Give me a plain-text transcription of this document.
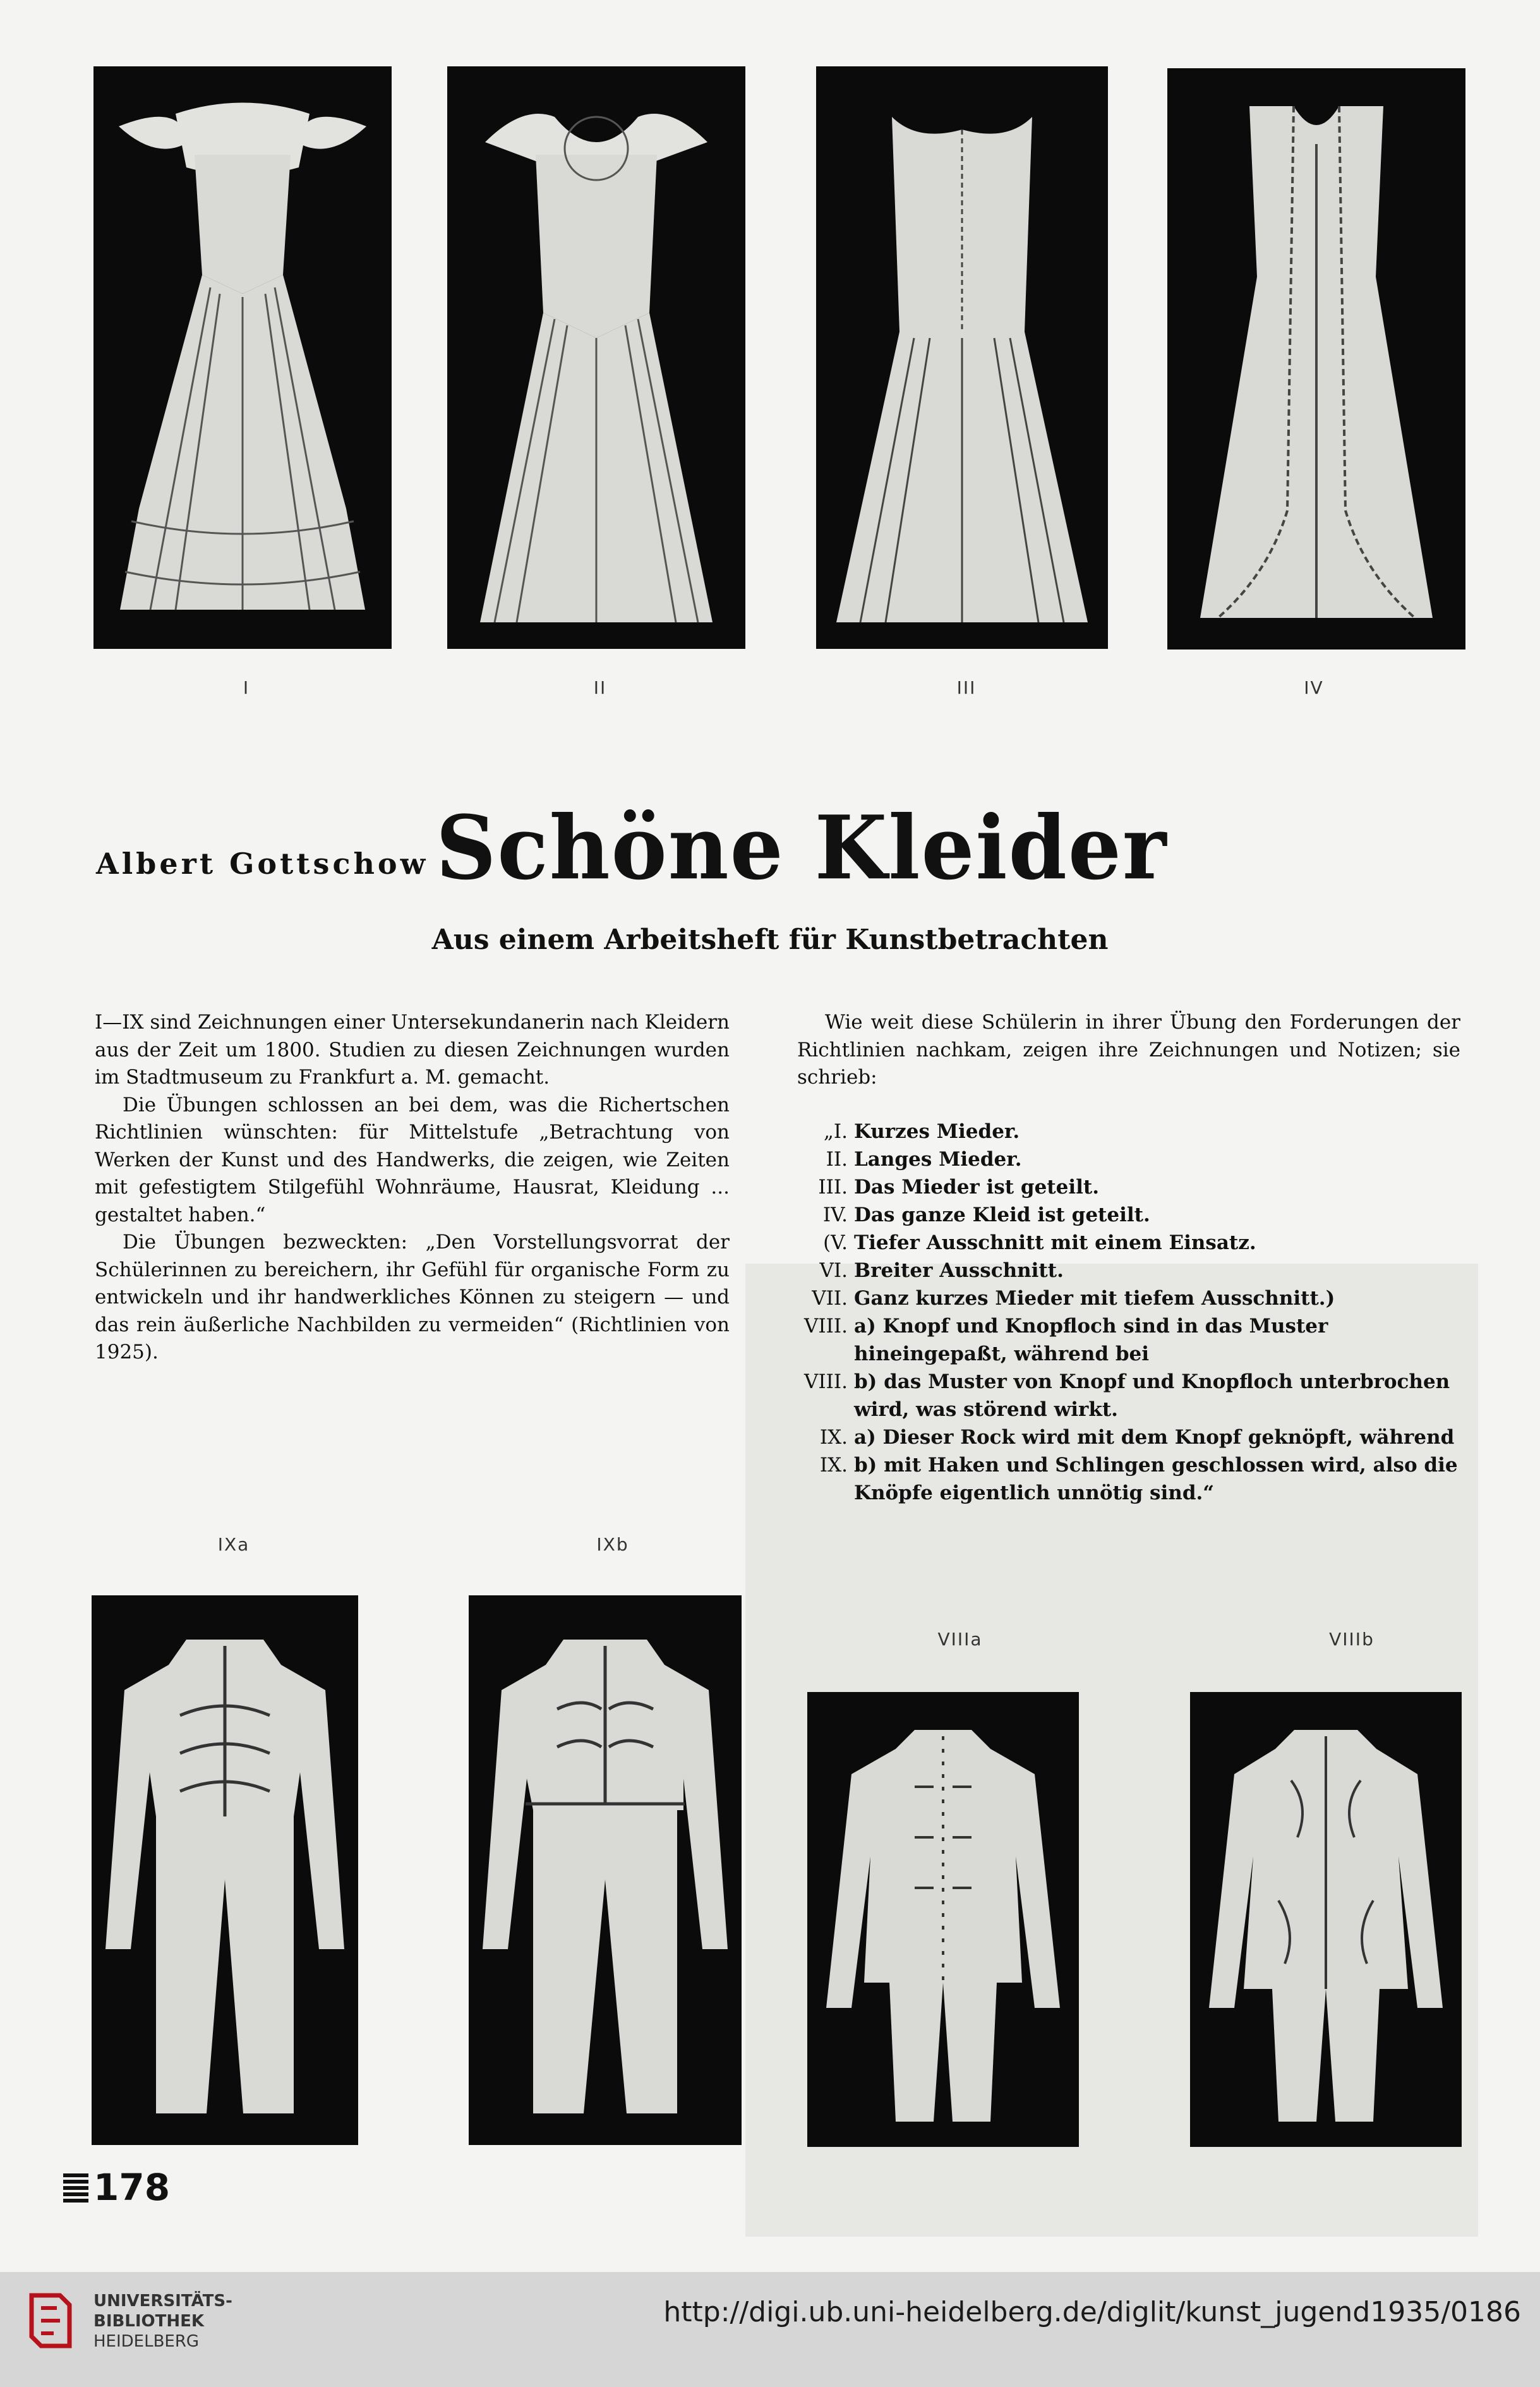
I	II	III	IV
Albert Gottschow Schöne Kleider
Aus einem Arbeitsheft für Kunstbetrachten

I—IX sind Zeichnungen einer Untersekundanerin nach Kleidern aus der Zeit um 1800. Studien zu diesen Zeichnungen wurden im Stadtmuseum zu Frankfurt a. M. gemacht.

Die Übungen schlossen an bei dem, was die Richertschen Richtlinien wünschten: für Mittelstufe „Betrachtung von Werken der Kunst und des Handwerks, die zeigen, wie Zeiten mit gefestigtem Stilgefühl Wohnräume, Hausrat, Kleidung ... gestaltet haben.“

Die Übungen bezweckten: „Den Vorstellungsvorrat der Schülerinnen zu bereichern, ihr Gefühl für organische Form zu entwickeln und ihr handwerkliches Können zu steigern — und das rein äußerliche Nachbilden zu vermeiden“ (Richtlinien von 1925).

Wie weit diese Schülerin in ihrer Übung den Forderungen der Richtlinien nachkam, zeigen ihre Zeichnungen und Notizen; sie schrieb:

„I. Kurzes Mieder.
II. Langes Mieder.
III. Das Mieder ist geteilt.
IV. Das ganze Kleid ist geteilt.
(V. Tiefer Ausschnitt mit einem Einsatz.
VI. Breiter Ausschnitt.
VII. Ganz kurzes Mieder mit tiefem Ausschnitt.)
VIII. a) Knopf und Knopfloch sind in das Muster hineingepaßt, während bei
VIII. b) das Muster von Knopf und Knopfloch unterbrochen wird, was störend wirkt.
IX. a) Dieser Rock wird mit dem Knopf geknöpft, während
IX. b) mit Haken und Schlingen geschlossen wird, also die Knöpfe eigentlich unnötig sind.“
IXa	IXb
VIIIa	VIIIb
178
UNIVERSITÄTS-
BIBLIOTHEK
HEIDELBERG
http://digi.ub.uni-heidelberg.de/diglit/kunst_jugend1935/0186
